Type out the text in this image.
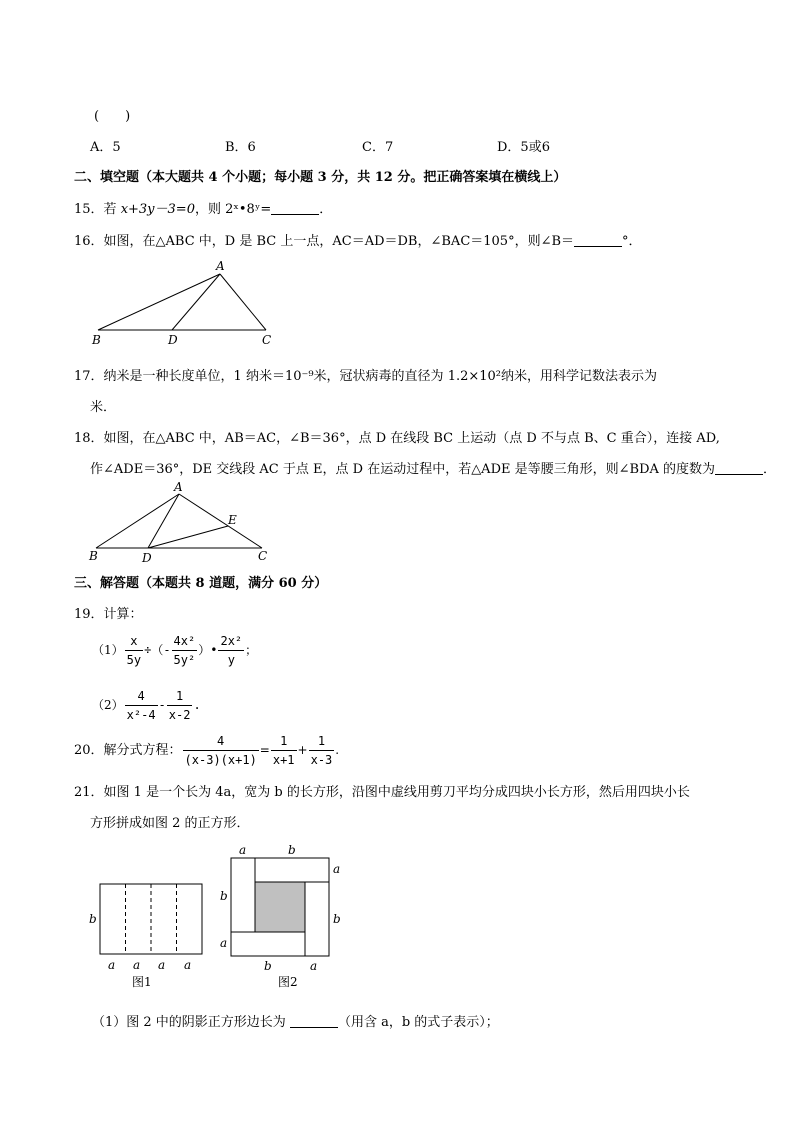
(　　)
A．5	B．6	C．7	D．5或6
二、填空题（本大题共 4 个小题；每小题 3 分，共 12 分。把正确答案填在横线上）
15．若 x+3y－3=0，则 2ˣ•8ʸ=	．
16．如图，在△ABC 中，D 是 BC 上一点，AC＝AD＝DB，∠BAC＝105°，则∠B＝	°．
A
B	D	C
17．纳米是一种长度单位，1 纳米＝10⁻⁹米，冠状病毒的直径为 1.2×10²纳米，用科学记数法表示为
米．
18．如图，在△ABC 中，AB＝AC，∠B＝36°，点 D 在线段 BC 上运动（点 D 不与点 B、C 重合），连接 AD,
作∠ADE＝36°，DE 交线段 AC 于点 E，点 D 在运动过程中，若△ADE 是等腰三角形，则∠BDA 的度数为	．
A
B	D
E
C
三、解答题（本题共 8 道题，满分 60 分）
19．计算：
$(1) \frac{x}{5y}$ ÷（- $\frac{\text{4x²}}{\text{5y²}}$ ）• $\frac{\text{2x²}}{y}$ ；
$(2) \frac{4}{\text{x²-4}} - \frac{1}{x-2}$ .
20．解分式方程： $\frac{4}{(x-3)(x+1)} = \frac{1}{x+1} + \frac{1}{x-3}$ .
21．如图 1 是一个长为 4a，宽为 b 的长方形，沿图中虚线用剪刀平均分成四块小长方形，然后用四块小长
方形拼成如图 2 的正方形．
b
a a a a
图1
a	b
a
b
b
a
b	a
图2
（1）图 2 中的阴影正方形边长为	（用含 a，b 的式子表示）；
